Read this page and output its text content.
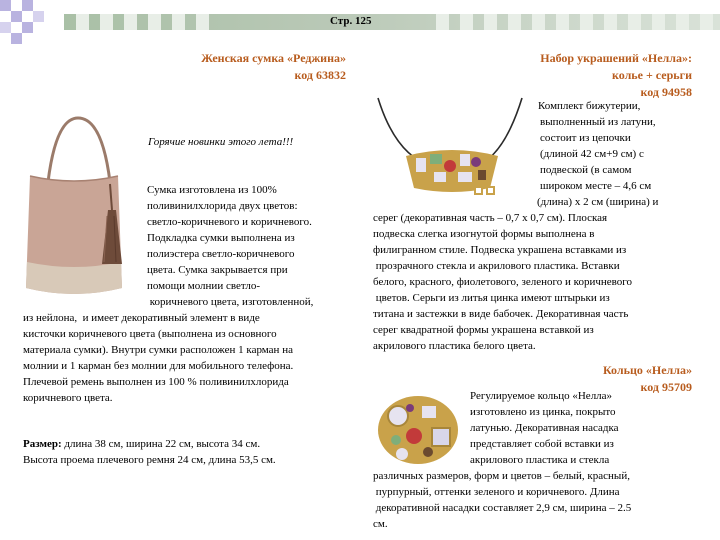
Стр. 125
Женская сумка «Реджина»
код 63832
Горячие новинки этого лета!!!
Сумка изготовлена из 100%
поливинилхлорида двух цветов:
светло-коричневого и коричневого.
Подкладка сумки выполнена из
полиэстера светло-коричневого
цвета. Сумка закрывается при
помощи молнии светло-
коричневого цвета, изготовленной,
из нейлона,  и имеет декоративный элемент в виде
кисточки коричневого цвета (выполнена из основного
материала сумки). Внутри сумки расположен 1 карман на
молнии и 1 карман без молнии для мобильного телефона.
Плечевой ремень выполнен из 100 % поливинилхлорида
коричневого цвета.
Размер: длина 38 см, ширина 22 см, высота 34 см.
Высота проема плечевого ремня 24 см, длина 53,5 см.
Набор украшений «Нелла»:
колье + серьги
код 94958
Комплект бижутерии,
выполненный из латуни,
состоит из цепочки
(длиной 42 см+9 см) с
подвеской (в самом
широком месте – 4,6 см
(длина) х 2 см (ширина) и
серег (декоративная часть – 0,7 х 0,7 см). Плоская
подвеска слегка изогнутой формы выполнена в
филигранном стиле. Подвеска украшена вставками из
прозрачного стекла и акрилового пластика. Вставки
белого, красного, фиолетового, зеленого и коричневого
цветов. Серьги из литья цинка имеют штырьки из
титана и застежки в виде бабочек. Декоративная часть
серег квадратной формы украшена вставкой из
акрилового пластика белого цвета.
Кольцо «Нелла»
код 95709
Регулируемое кольцо «Нелла»
изготовлено из цинка, покрыто
латунью. Декоративная насадка
представляет собой вставки из
акрилового пластика и стекла
различных размеров, форм и цветов – белый, красный,
пурпурный, оттенки зеленого и коричневого. Длина
декоративной насадки составляет 2,9 см, ширина – 2.5
см.
